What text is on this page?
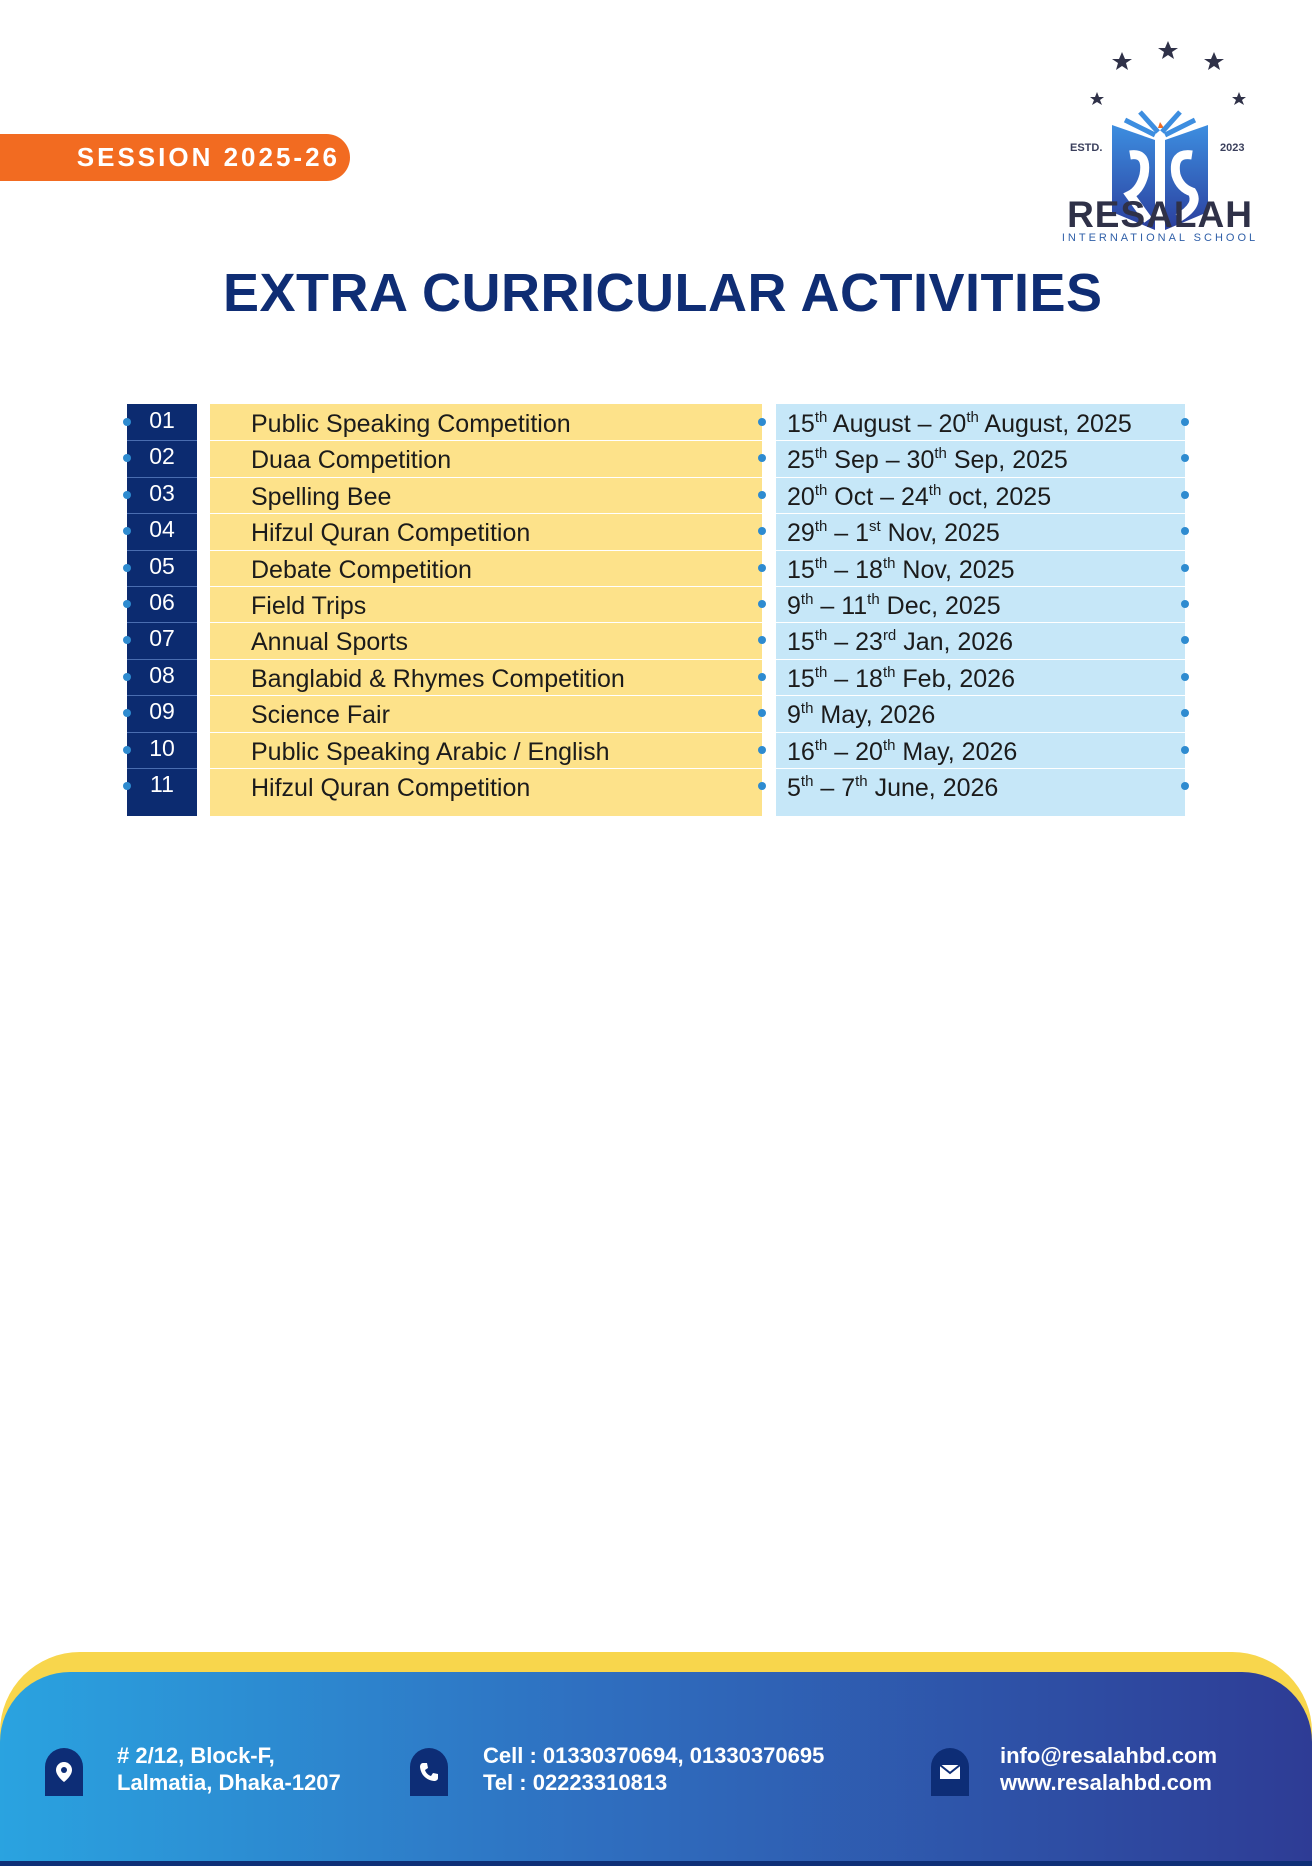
SESSION 2025-26	ESTD.	2023
RESALAH
INTERNATIONAL SCHOOL
EXTRA CURRICULAR ACTIVITIES
01	Public Speaking Competition	15th August – 20th August, 2025
02	Duaa Competition	25th Sep – 30th Sep, 2025
03	Spelling Bee	20th Oct – 24th oct, 2025
04	Hifzul Quran Competition	29th – 1st Nov, 2025
05	Debate Competition	15th – 18th Nov, 2025
06	Field Trips	9th – 11th Dec, 2025
07	Annual Sports	15th – 23rd Jan, 2026
08	Banglabid & Rhymes Competition	15th – 18th Feb, 2026
09	Science Fair	9th May, 2026
10	Public Speaking Arabic / English	16th – 20th May, 2026
11	Hifzul Quran Competition	5th – 7th June, 2026
# 2/12, Block-F,
Lalmatia, Dhaka-1207
Cell : 01330370694, 01330370695
Tel : 02223310813
info@resalahbd.com
www.resalahbd.com
